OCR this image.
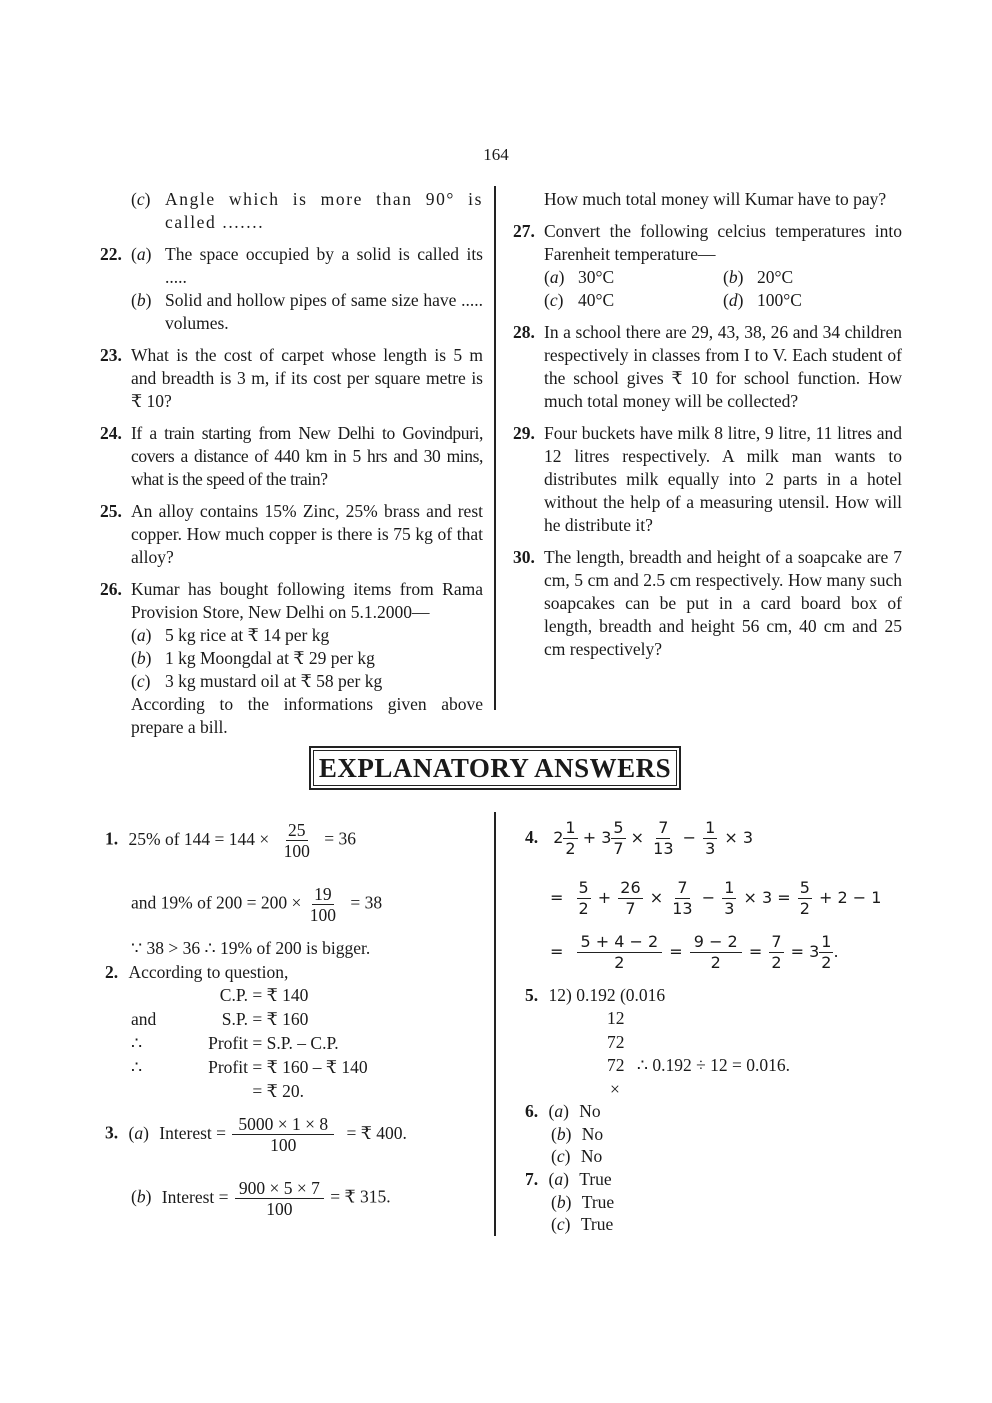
164
(c) Angle which is more than 90° is called .......
22. (a) The space occupied by a solid is called its .....
(b) Solid and hollow pipes of same size have ..... volumes.
23. What is the cost of carpet whose length is 5 m and breadth is 3 m, if its cost per square metre is ₹ 10?

24. If a train starting from New Delhi to Govindpuri, covers a distance of 440 km in 5 hrs and 30 mins, what is the speed of the train?

25. An alloy contains 15% Zinc, 25% brass and rest copper. How much copper is there is 75 kg of that alloy?

26. Kumar has bought following items from Rama Provision Store, New Delhi on 5.1.2000—

(a) 5 kg rice at ₹ 14 per kg
(b) 1 kg Moongdal at ₹ 29 per kg
(c) 3 kg mustard oil at ₹ 58 per kg

According to the informations given above prepare a bill.

How much total money will Kumar have to pay?

27. Convert the following celcius temperatures into Farenheit temperature—

(a) 30°C	(b) 20°C
(c) 40°C	(d) 100°C
28. In a school there are 29, 43, 38, 26 and 34 children respectively in classes from I to V. Each student of the school gives ₹ 10 for school function. How much total money will be collected?

29. Four buckets have milk 8 litre, 9 litre, 11 litres and 12 litres respectively. A milk man wants to distributes milk equally into 2 parts in a hotel without the help of a measuring utensil. How will he distribute it?

30. The length, breadth and height of a soapcake are 7 cm, 5 cm and 2.5 cm respectively. How many such soapcakes can be put in a card board box of length, breadth and height 56 cm, 40 cm and 25 cm respectively?

EXPLANATORY ANSWERS
1. 25% of $144 = 144 \times \frac{25}{100} = 36$
and 19% of $200 = 200 \times \frac{19}{100} = 38$
∵ 38 > 36 ∴ 19% of 200 is bigger.
2. According to question,
C.P. = ₹ 140
and	S.P. = ₹ 160
∴	Profit = S.P. – C.P.
∴	Profit = ₹ 160 – ₹ 140
= ₹ 20.
3. (a) Interest = $\frac{5000 \times 1 \times 8}{100}$ = ₹ 400.
(b) Interest = $\frac{900 \times 5 \times 7}{100}$ = ₹ 315.
4. $2 \frac{1}{2} + 3 \frac{5}{7} \times \frac{7}{13} - \frac{1}{3} \times 3$
= $\frac{5}{2} + \frac{26}{7} \times \frac{7}{13} - \frac{1}{3} \times 3 = \frac{5}{2} + 2 - 1$
= $\frac{5 + 4 - 2}{2} = \frac{9 - 2}{2} = \frac{7}{2} = 3 \frac{1}{2}$ .
5. 12) 0.192 (0.016
12
72
72 ∴ 0.192 ÷ 12 = 0.016.
×
6. (a) No
(b) No
(c) No
7. (a) True
(b) True
(c) True
